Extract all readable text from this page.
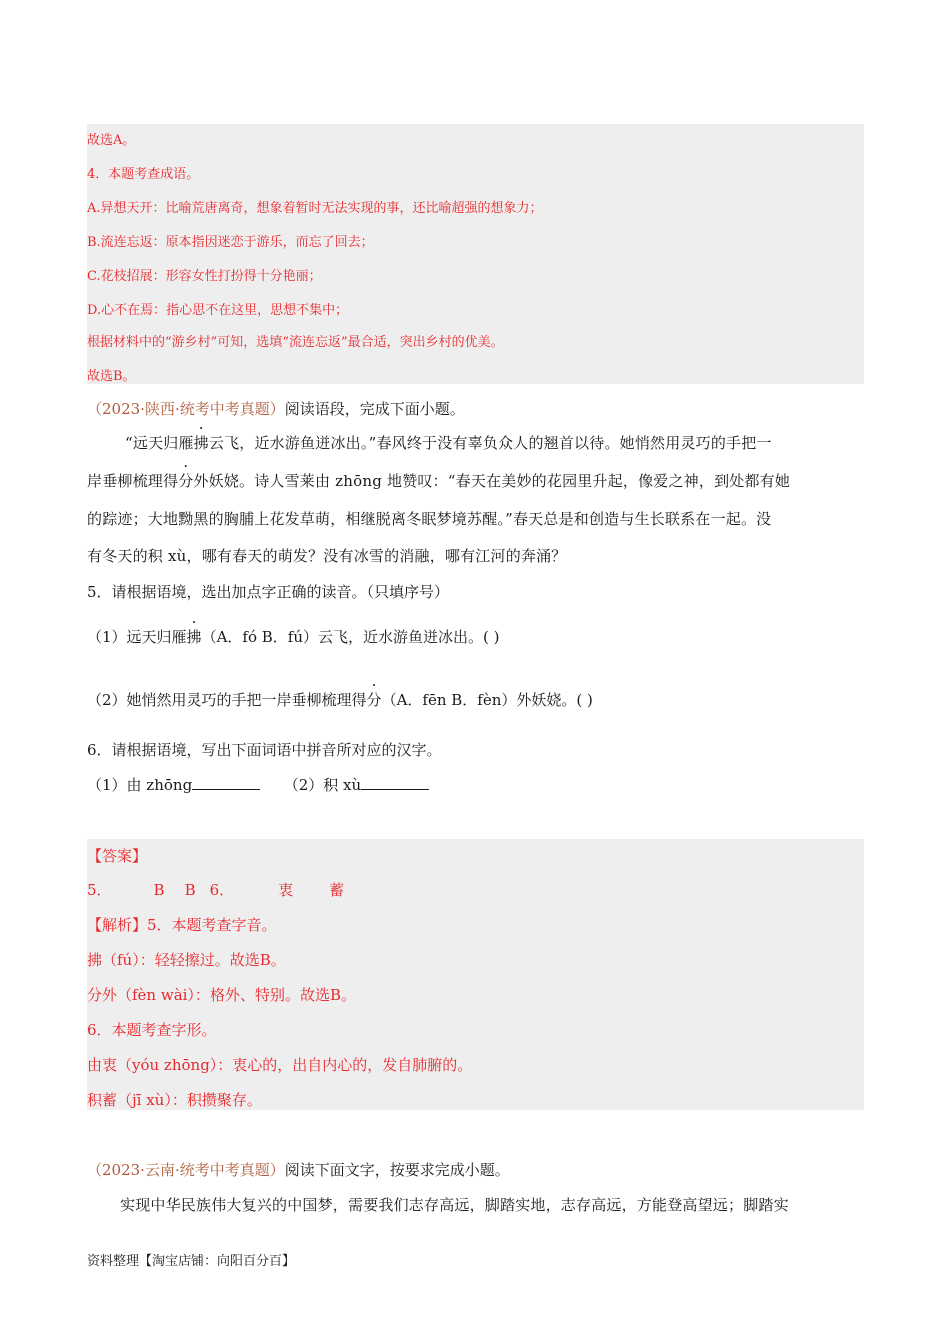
故选A。
4．本题考查成语。
A.异想天开：比喻荒唐离奇，想象着暂时无法实现的事，还比喻超强的想象力；
B.流连忘返：原本指因迷恋于游乐，而忘了回去；
C.花枝招展：形容女性打扮得十分艳丽；
D.心不在焉：指心思不在这里，思想不集中；
根据材料中的“游乡村”可知，选填“流连忘返”最合适，突出乡村的优美。
故选B。
（2023·陕西·统考中考真题）阅读语段，完成下面小题。
“远天归雁拂云飞，近水游鱼迸冰出。”春风终于没有辜负众人的翘首以待。她悄然用灵巧的手把一
岸垂柳梳理得分外妖娆。诗人雪莱由 zhōng 地赞叹：“春天在美妙的花园里升起，像爱之神，到处都有她
的踪迹；大地黝黑的胸脯上花发草萌，相继脱离冬眠梦境苏醒。”春天总是和创造与生长联系在一起。没
有冬天的积 xù，哪有春天的萌发？没有冰雪的消融，哪有江河的奔涌？
5．请根据语境，选出加点字正确的读音。（只填序号）
（1）远天归雁拂（A．fó B．fú）云飞，近水游鱼迸冰出。( )
（2）她悄然用灵巧的手把一岸垂柳梳理得分（A．fēn B．fèn）外妖娆。( )
6．请根据语境，写出下面词语中拼音所对应的汉字。
（1）由 zhōng	（2）积 xù
【答案】
5．	B B 6．	衷 蓄
【解析】5．本题考查字音。
拂（fú）：轻轻擦过。故选B。
分外（fèn wài）：格外、特别。故选B。
6．本题考查字形。
由衷（yóu zhōng）：衷心的，出自内心的，发自肺腑的。
积蓄（jī xù）：积攒聚存。
（2023·云南·统考中考真题）阅读下面文字，按要求完成小题。
实现中华民族伟大复兴的中国梦，需要我们志存高远，脚踏实地，志存高远，方能登高望远；脚踏实
资料整理【淘宝店铺：向阳百分百】
